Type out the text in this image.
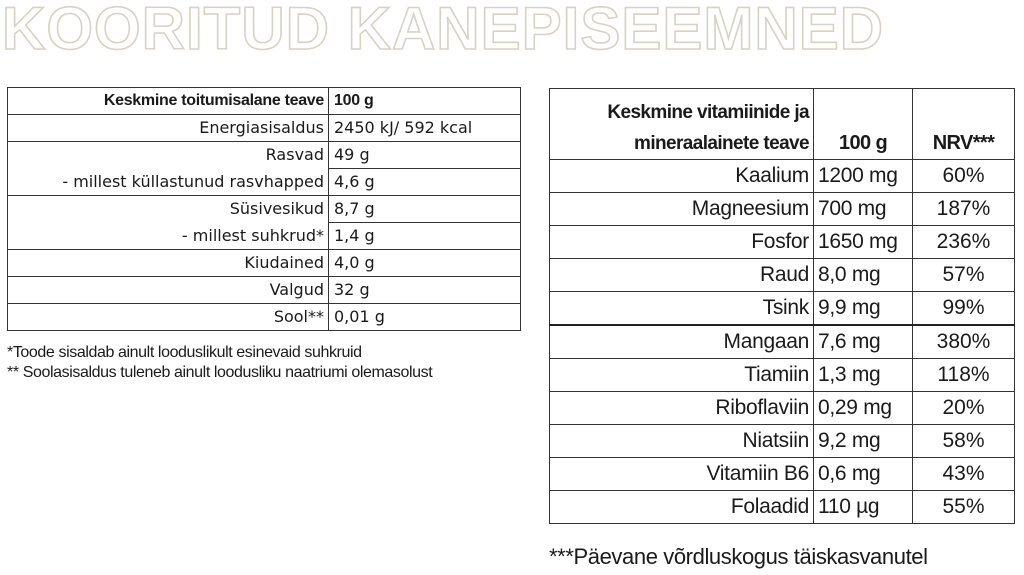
KOORITUD KANEPISEEMNED
Keskmine toitumisalane teave	100 g
Energiasisaldus	2450 kJ/ 592 kcal
Rasvad	49 g
- millest küllastunud rasvhapped	4,6 g
Süsivesikud	8,7 g
- millest suhkrud*	1,4 g
Kiudained	4,0 g
Valgud	32 g
Sool**	0,01 g
*Toode sisaldab ainult looduslikult esinevaid suhkruid
** Soolasisaldus tuleneb ainult loodusliku naatriumi olemasolust
Keskmine vitamiinide ja
mineraalainete teave	100 g	NRV***
Kaalium	1200 mg	60%
Magneesium	700 mg	187%
Fosfor	1650 mg	236%
Raud	8,0 mg	57%
Tsink	9,9 mg	99%
Mangaan	7,6 mg	380%
Tiamiin	1,3 mg	118%
Riboflaviin	0,29 mg	20%
Niatsiin	9,2 mg	58%
Vitamiin B6	0,6 mg	43%
Folaadid	110 µg	55%
***Päevane võrdluskogus täiskasvanutel
